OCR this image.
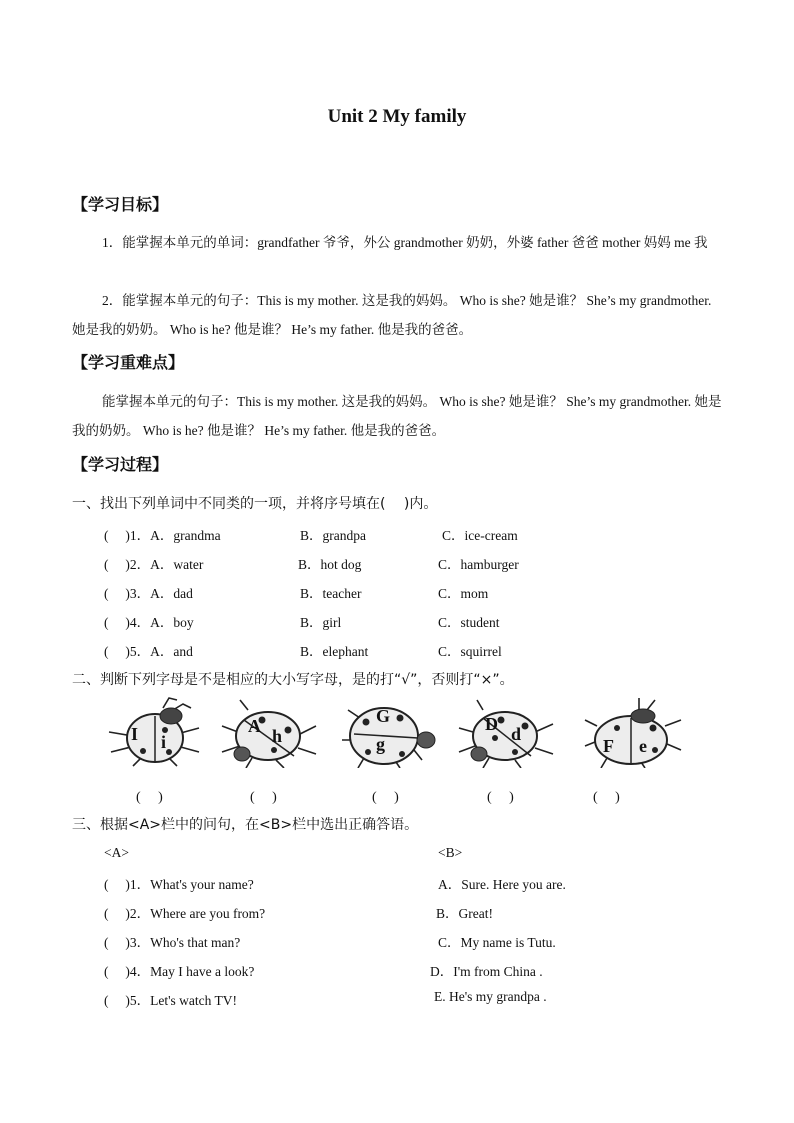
Unit 2 My family
【学习目标】
1．能掌握本单元的单词：grandfather 爷爷，外公 grandmother 奶奶，外婆 father 爸爸 mother 妈妈 me 我
2．能掌握本单元的句子：This is my mother. 这是我的妈妈。 Who is she? 她是谁？ She’s my grandmother. 她是我的奶奶。 Who is he? 他是谁？ He’s my father. 他是我的爸爸。
【学习重难点】
能掌握本单元的句子：This is my mother. 这是我的妈妈。 Who is she? 她是谁？ She’s my grandmother. 她是我的奶奶。 Who is he? 他是谁？ He’s my father. 他是我的爸爸。
【学习过程】
一、找出下列单词中不同类的一项，并将序号填在(　 )内。
(　 )1．A．grandma	B．grandpa	C．ice-cream
(　 )2．A．water	B．hot dog	C．hamburger
(　 )3．A．dad	B．teacher	C．mom
(　 )4．A．boy	B．girl	C．student
(　 )5．A．and	B．elephant	C．squirrel
二、判断下列字母是不是相应的大小写字母，是的打“√”，否则打“×”。
I i
A h
G
g
D d
F e
(　 )	(　 )	(　 )	(　 )	(　 )
三、根据<A>栏中的问句，在<B>栏中选出正确答语。
<A>	<B>
(　 )1．What's your name?	A．Sure. Here you are.
(　 )2．Where are you from?	B．Great!
(　 )3．Who's that man?	C．My name is Tutu.
(　 )4．May I have a look?	D．I'm from China .
(　 )5．Let's watch TV!	E. He's my grandpa .
